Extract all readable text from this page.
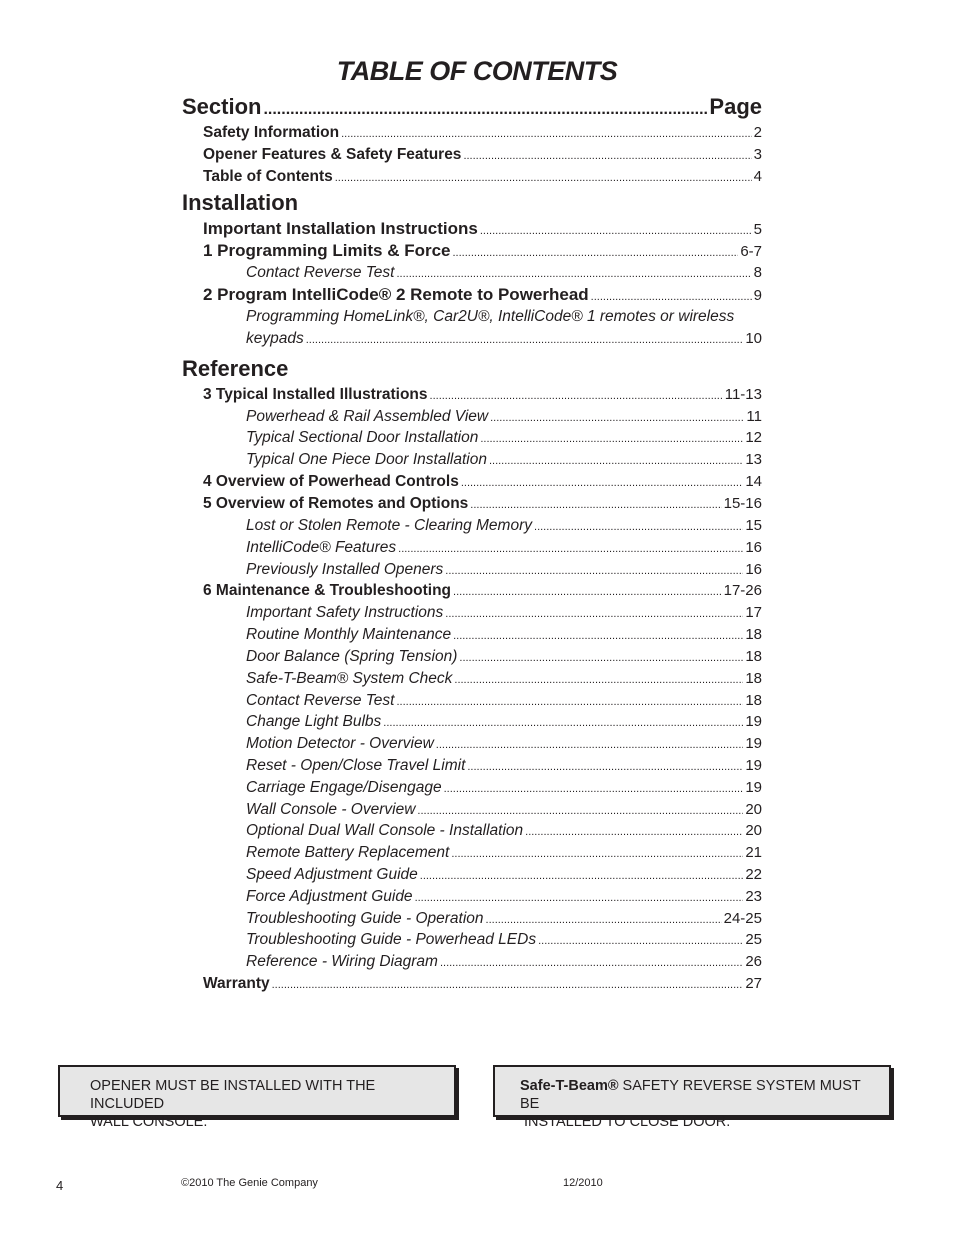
TABLE OF CONTENTS
Section .....	Page
Safety Information .....	2
Opener Features & Safety Features .....	3
Table of Contents .....	4
Installation
Important Installation Instructions .....	5
1 Programming Limits & Force .....	6-7
Contact Reverse Test .....	8
2 Program IntelliCode® 2 Remote to Powerhead .....	9
Programming HomeLink®, Car2U®, IntelliCode® 1 remotes or wireless
keypads .....	10
Reference
3 Typical Installed Illustrations .....	11-13
Powerhead & Rail Assembled View .....	11
Typical Sectional Door Installation .....	12
Typical One Piece Door Installation .....	13
4 Overview of Powerhead Controls .....	14
5 Overview of Remotes and Options .....	15-16
Lost or Stolen Remote - Clearing Memory .....	15
IntelliCode® Features .....	16
Previously Installed Openers .....	16
6 Maintenance & Troubleshooting .....	17-26
Important Safety Instructions .....	17
Routine Monthly Maintenance .....	18
Door Balance (Spring Tension) .....	18
Safe-T-Beam® System Check .....	18
Contact Reverse Test .....	18
Change Light Bulbs .....	19
Motion Detector - Overview .....	19
Reset - Open/Close Travel Limit .....	19
Carriage Engage/Disengage .....	19
Wall Console - Overview .....	20
Optional Dual Wall Console - Installation .....	20
Remote Battery Replacement .....	21
Speed Adjustment Guide .....	22
Force Adjustment Guide .....	23
Troubleshooting Guide - Operation .....	24-25
Troubleshooting Guide - Powerhead LEDs .....	25
Reference - Wiring Diagram .....	26
Warranty .....	27
OPENER MUST BE INSTALLED WITH THE INCLUDED
WALL CONSOLE.
Safe-T-Beam® SAFETY REVERSE SYSTEM MUST BE
INSTALLED TO CLOSE DOOR.
4	©2010 The Genie Company	12/2010
